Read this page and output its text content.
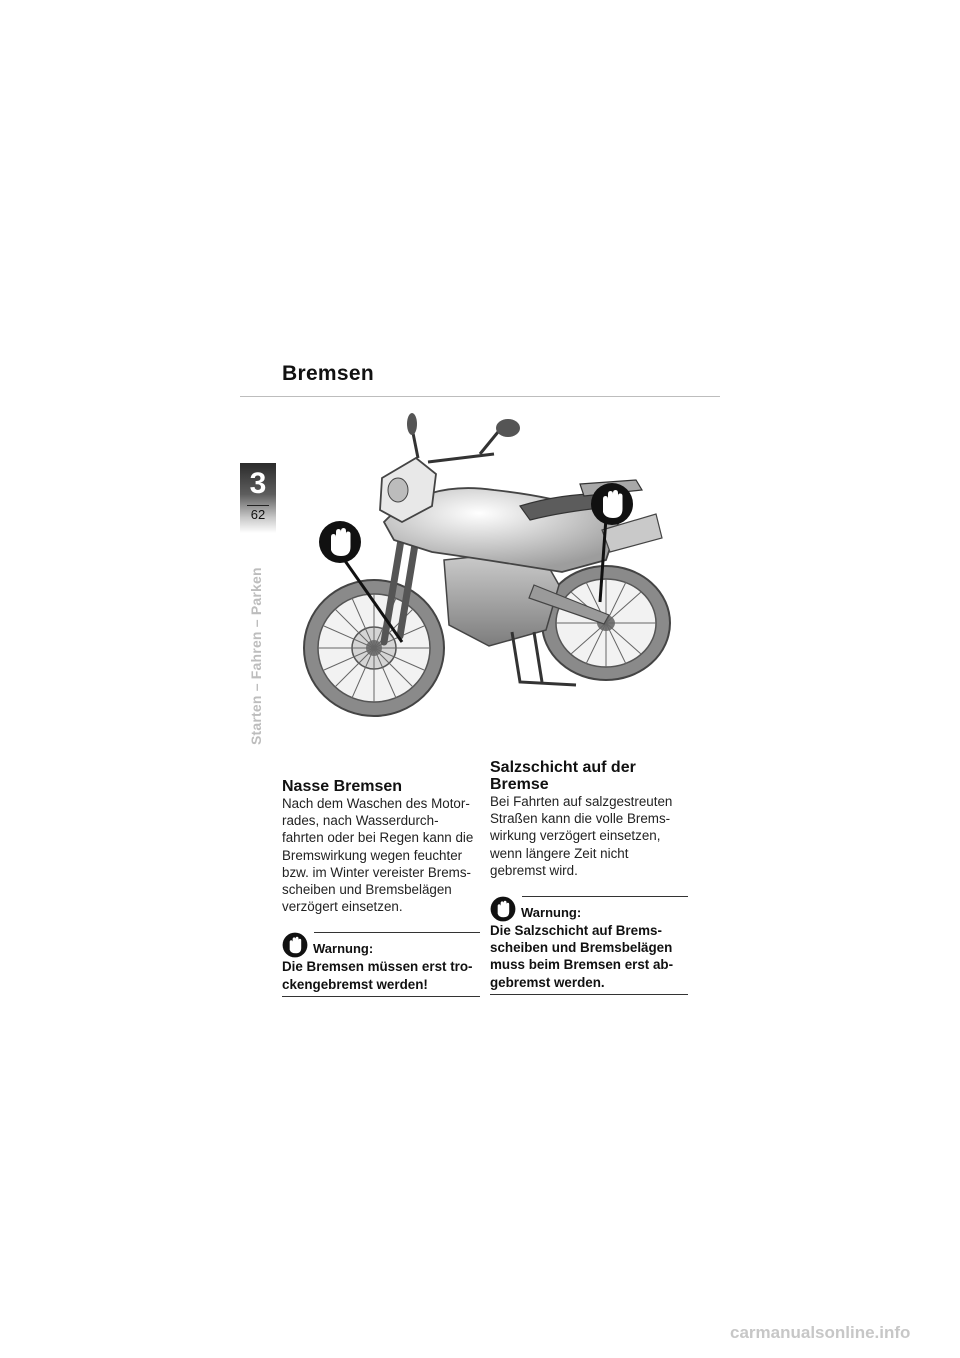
Bremsen
3
62
Starten – Fahren – Parken
Nasse Bremsen

Nach dem Waschen des Motor-
rades, nach Wasserdurch-
fahrten oder bei Regen kann die
Bremswirkung wegen feuchter
bzw. im Winter vereister Brems-
scheiben und Bremsbelägen
verzögert einsetzen.

Warnung:

Die Bremsen müssen erst tro-
ckengebremst werden!

Salzschicht auf der
Bremse

Bei Fahrten auf salzgestreuten
Straßen kann die volle Brems-
wirkung verzögert einsetzen,
wenn längere Zeit nicht
gebremst wird.

Warnung:

Die Salzschicht auf Brems-
scheiben und Bremsbelägen
muss beim Bremsen erst ab-
gebremst werden.

carmanualsonline.info
